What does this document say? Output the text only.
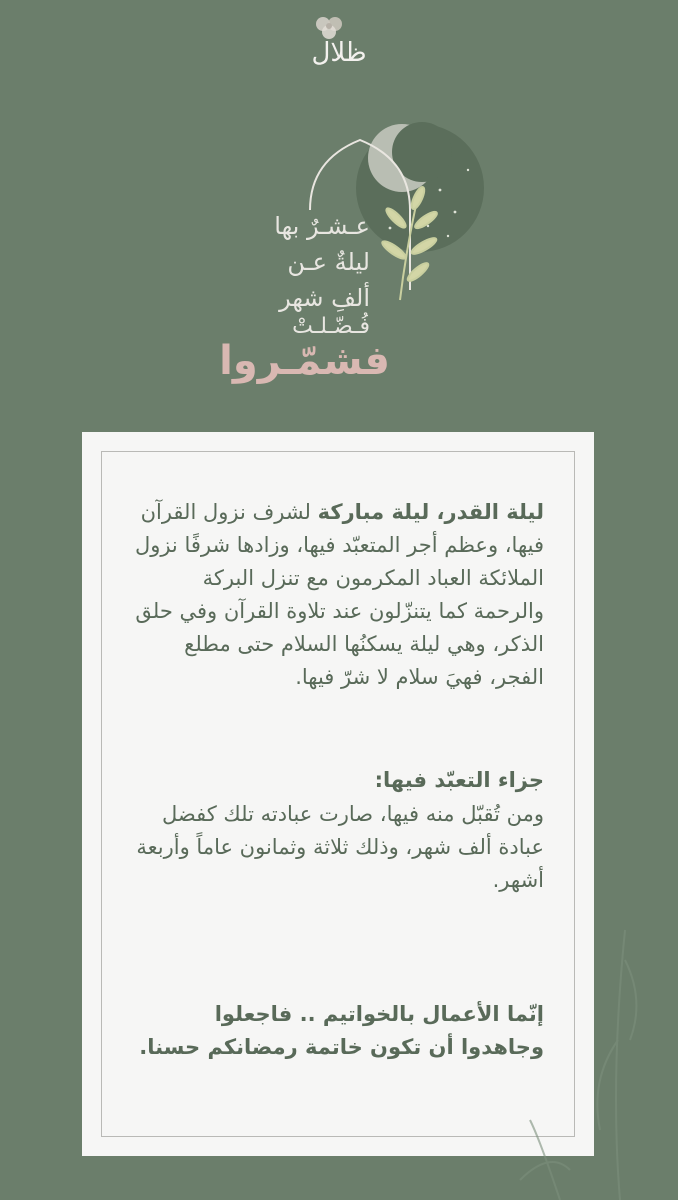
ظلال
عـشـرٌ بها
ليلةٌ عـن
ألفِ شهر
فُـضّـلـتْ
فشمّـروا
ليلة القدر، ليلة مباركة لشرف نزول القرآن فيها، وعظم أجر المتعبّد فيها، وزادها شرفًا نزول الملائكة العباد المكرمون مع تنزل البركة والرحمة كما يتنزّلون عند تلاوة القرآن وفي حلق الذكر، وهي ليلة يسكنُها السلام حتى مطلع الفجر، فهيَ سلام لا شرّ فيها.
جزاء التعبّد فيها:
ومن تُقبّل منه فيها، صارت عبادته تلك كفضل عبادة ألف شهر، وذلك ثلاثة وثمانون عاماً وأربعة أشهر.
إنّما الأعمال بالخواتيم .. فاجعلوا
وجاهدوا أن تكون خاتمة رمضانكم حسنا.
